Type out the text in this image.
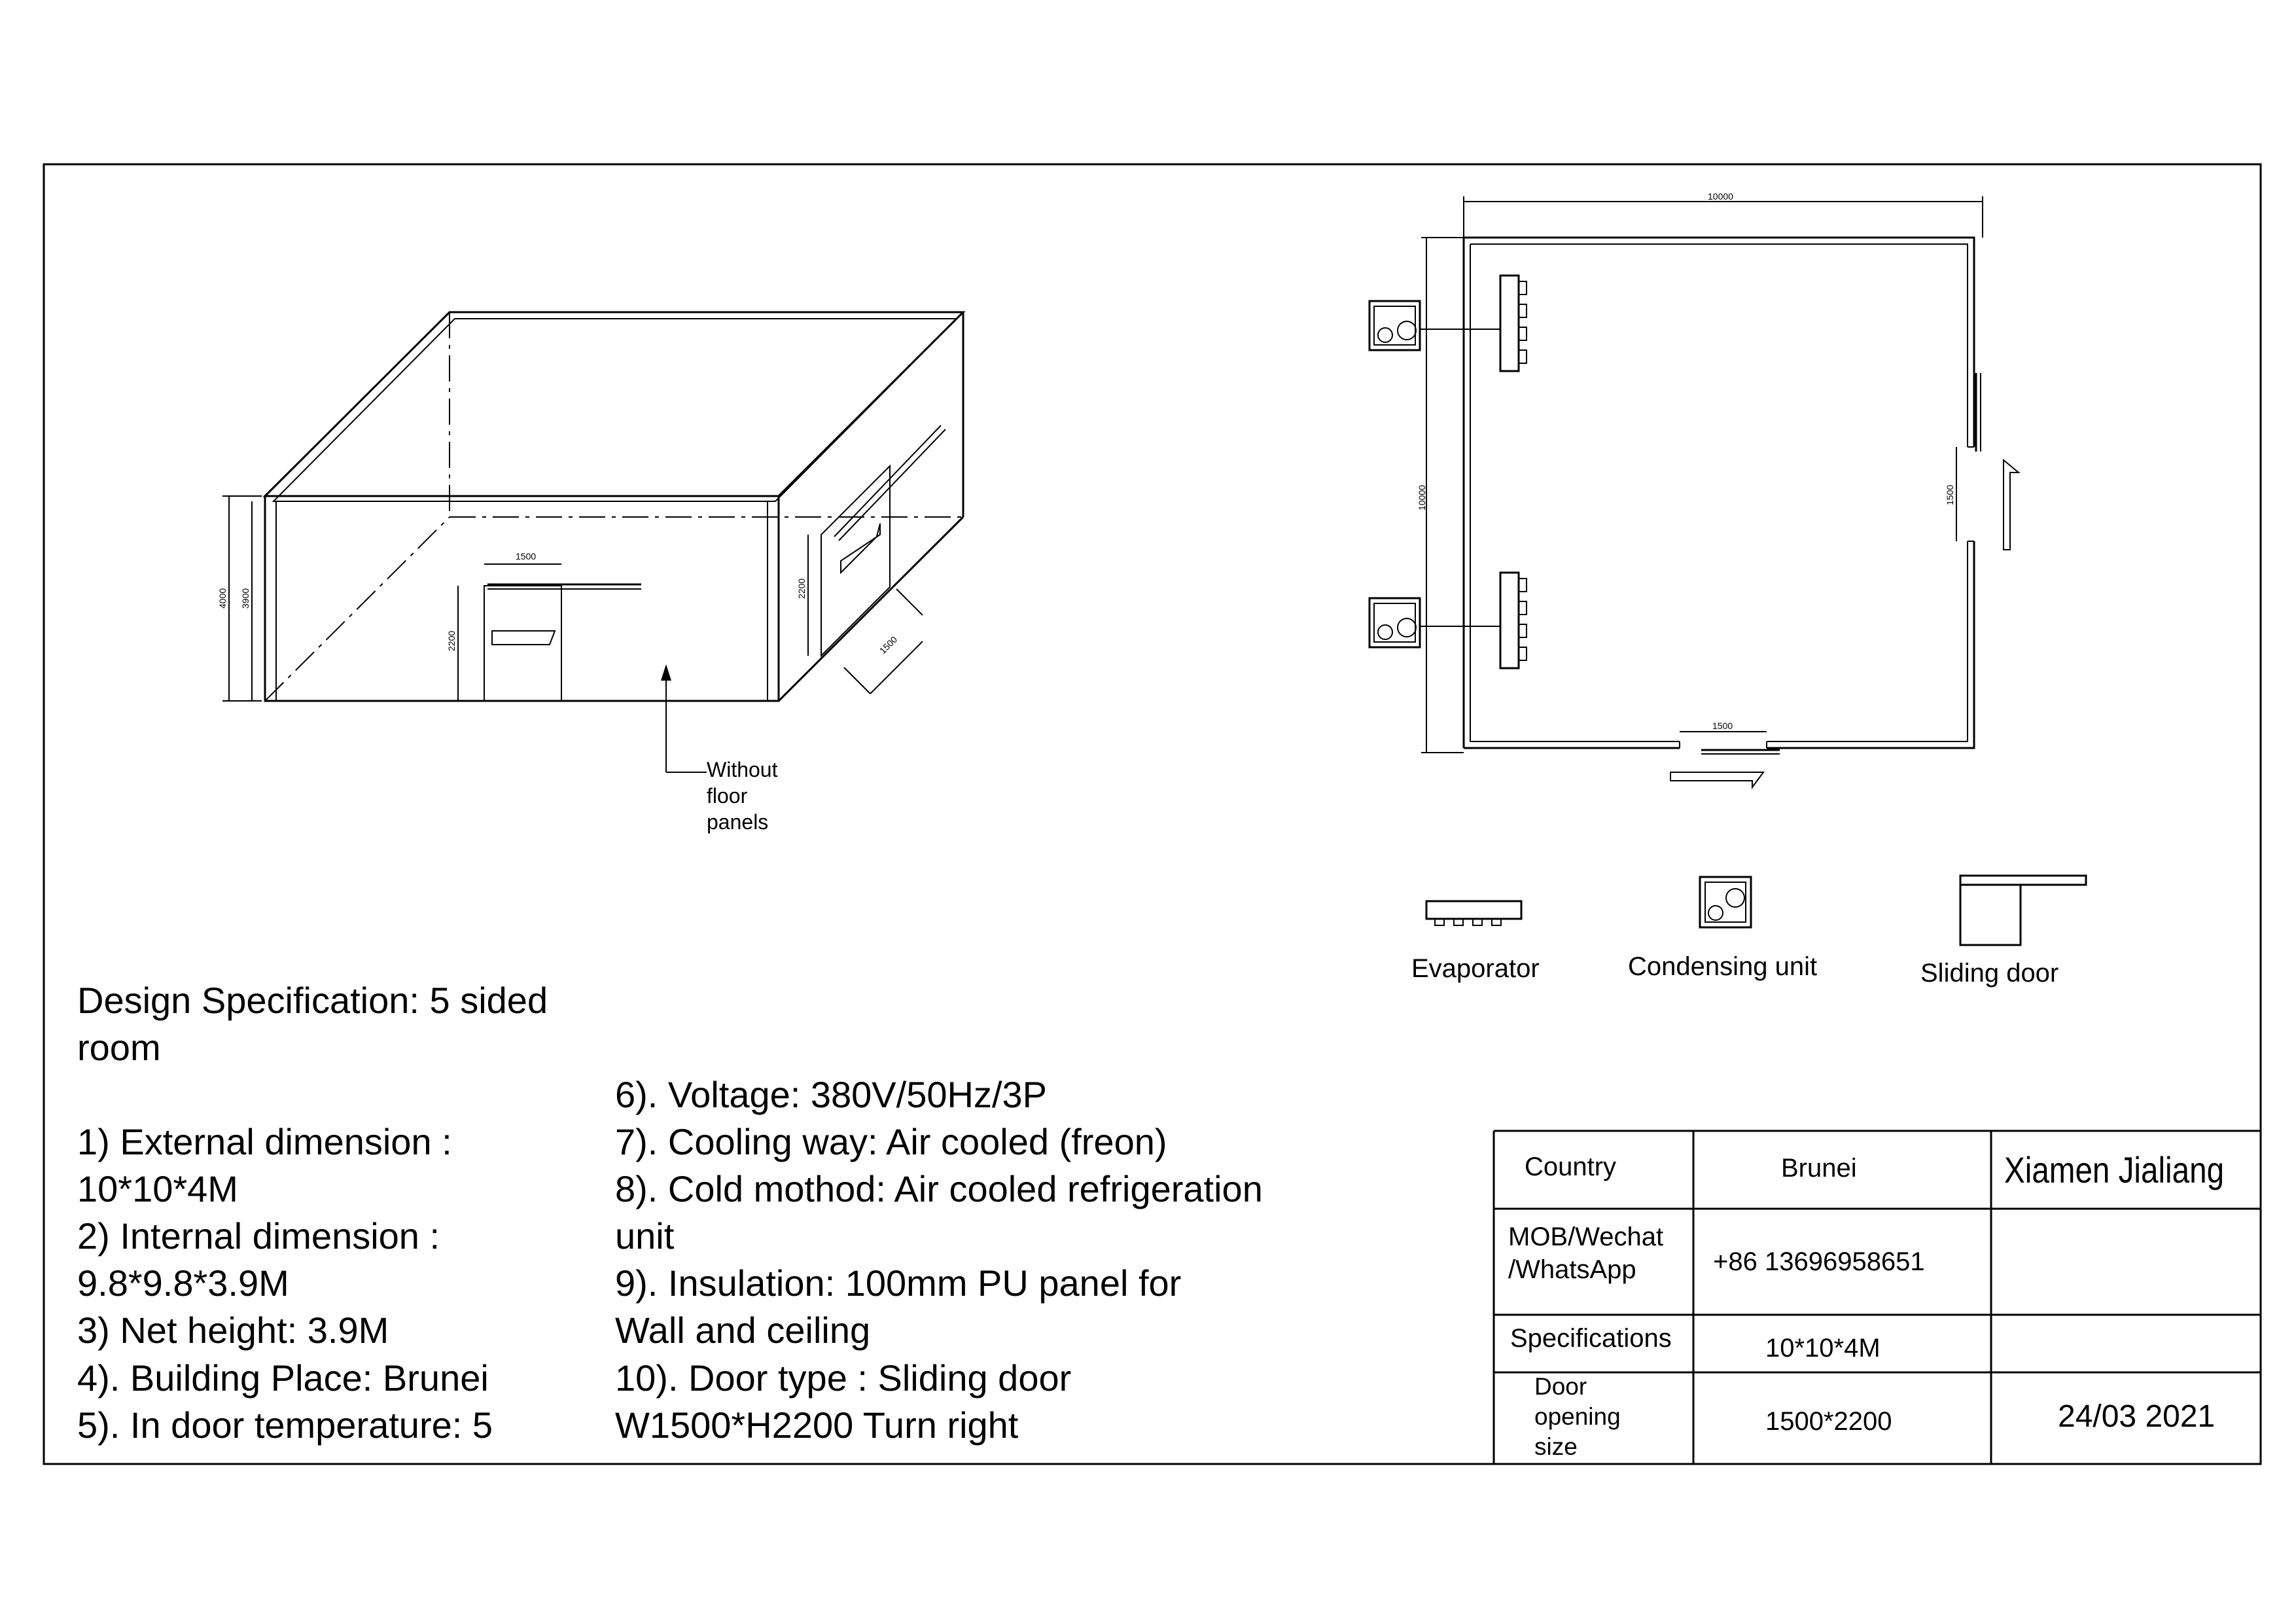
1500
4000 3900
2200
2200
1500
Without
floor
panels
10000
10000	1500
1500
Evaporator	Condensing unit	Sliding door
Design Specification: 5 sided
room
1) External dimension :
10*10*4M
2) Internal dimension :
9.8*9.8*3.9M
3) Net height: 3.9M
4). Building Place: Brunei
5). In door temperature: 5
6). Voltage: 380V/50Hz/3P
7). Cooling way: Air cooled (freon)
8). Cold mothod: Air cooled refrigeration
unit
9). Insulation: 100mm PU panel for
Wall and ceiling
10). Door type : Sliding door
W1500*H2200 Turn right
Country	Brunei	Xiamen Jialiang
MOB/Wechat
/WhatsApp	+86 13696958651
Specifications	10*10*4M
Door
opening
size
1500*2200	24/03 2021
